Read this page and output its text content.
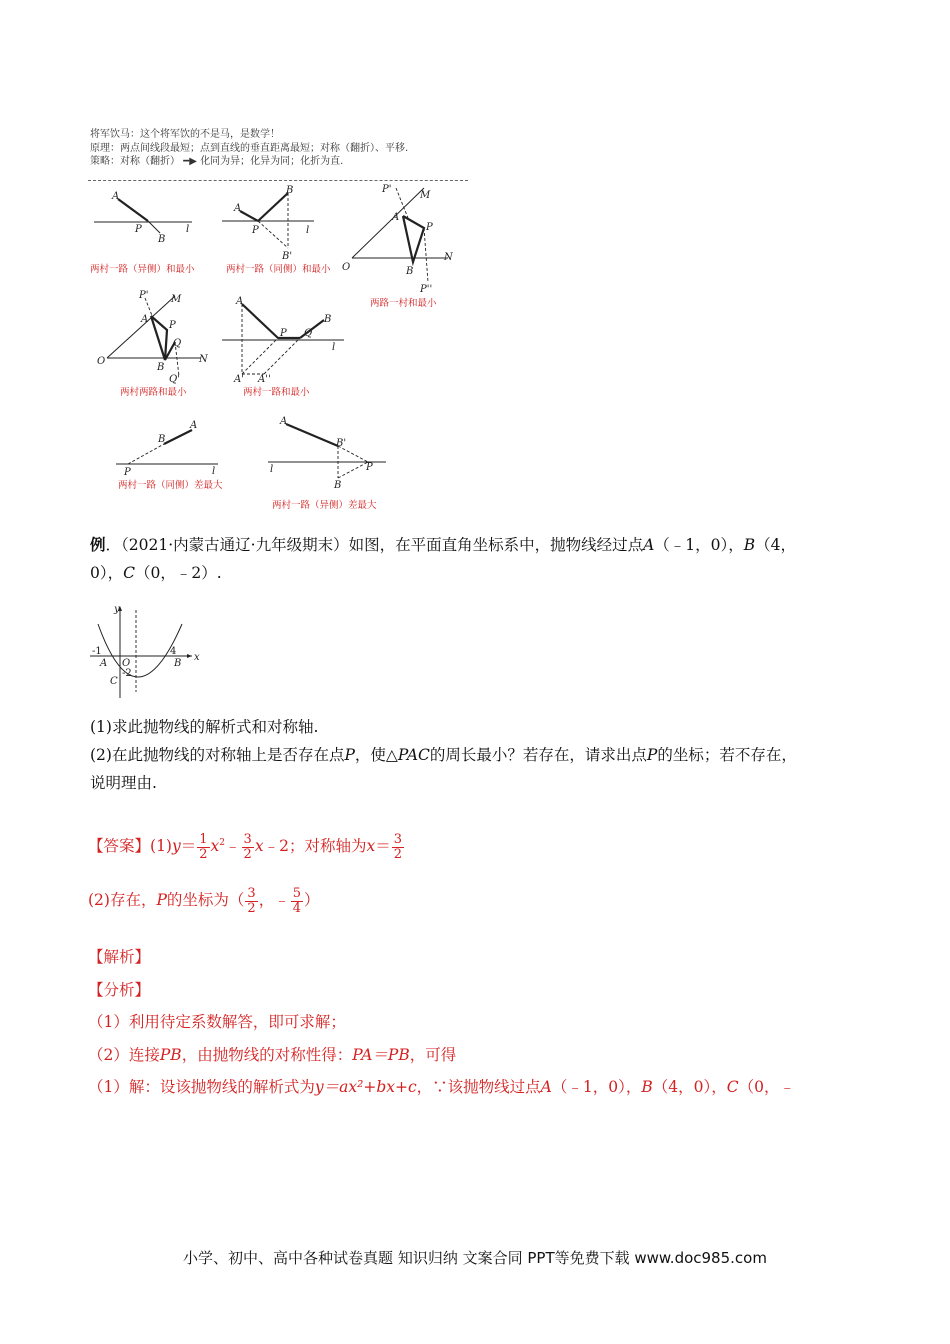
将军饮马：这个将军饮的不是马，是数学！
原理：两点间线段最短；点到直线的垂直距离最短；对称（翻折）、平移.
策略：对称（翻折） ━▶ 化同为异；化异为同；化折为直.
A
P
B
l
两村一路（异侧）和最小
A
P
B
B'
l
两村一路（同侧）和最小
P'
M
A
P
O	B
N
P''
两路一村和最小
P' M
A
P
Q
O
B
N
Q'
两村两路和最小
A
P Q
B
l
A' A''
两村一路和最小
A
B
P	l
两村一路（同侧）差最大
A
B'
l	P
B
两村一路（异侧）差最大
例．（2021·内蒙古通辽·九年级期末）如图，在平面直角坐标系中，抛物线经过点A（﹣1，0），B（4，
0），C（0，﹣2）.
y
x
-1
A O
-2
C
4
B
(1)求此抛物线的解析式和对称轴.
(2)在此抛物线的对称轴上是否存在点P，使△PAC的周长最小？若存在，请求出点P的坐标；若不存在，
说明理由.
【答案】$(1)y= \frac{1}{2}$ $x^2﹣ \frac{3}{2}$ x﹣2；对称轴为$x= \frac{3}{2}$
(2)存在，P的坐标为（ $\frac{3}{2}$ ，﹣ $\frac{5}{4}$ ）
【解析】
【分析】
（1）利用待定系数解答，即可求解；
（2）连接PB，由抛物线的对称性得：PA＝PB，可得
（1）解：设该抛物线的解析式为y＝ax²+bx+c，∵该抛物线过点A（﹣1，0），B（4，0），C（0，﹣
小学、初中、高中各种试卷真题 知识归纳 文案合同 PPT等免费下载 www.doc985.com
